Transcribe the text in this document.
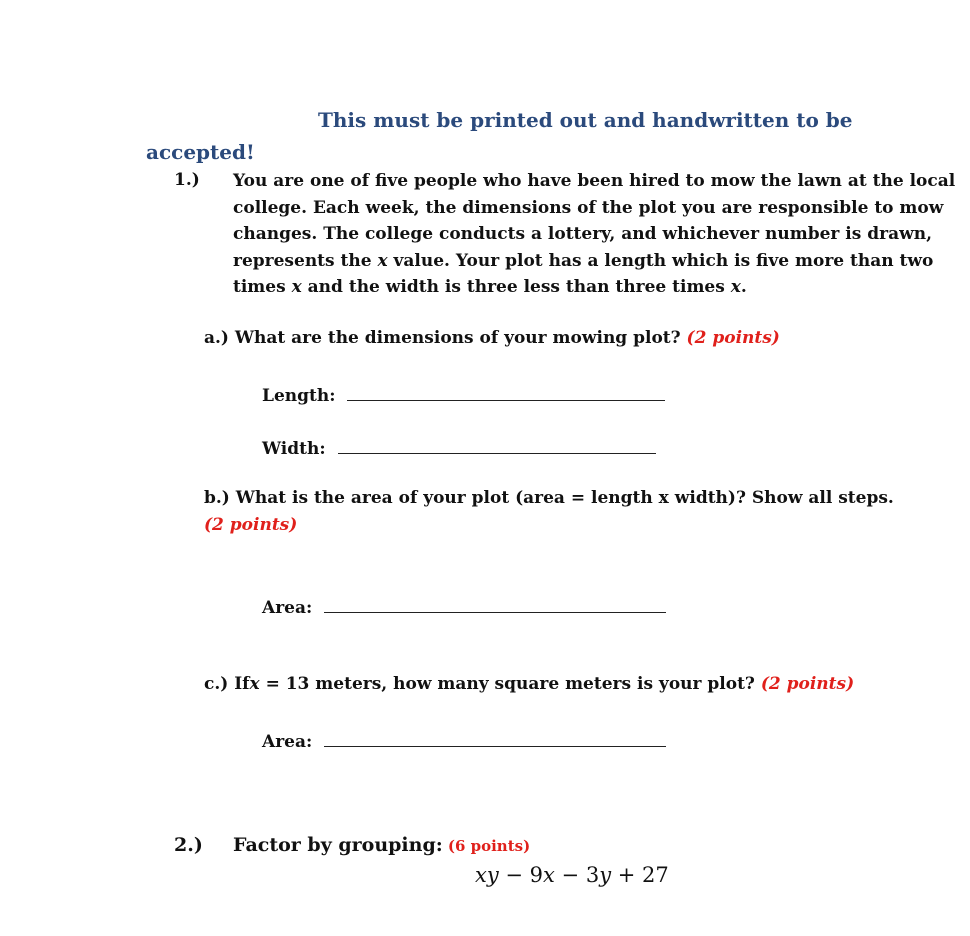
This must be printed out and handwritten to be
accepted!
1.) You are one of five people who have been hired to mow the lawn at the local
college. Each week, the dimensions of the plot you are responsible to mow
changes. The college conducts a lottery, and whichever number is drawn,
represents the x value. Your plot has a length which is five more than two
times x and the width is three less than three times x.
a.) What are the dimensions of your mowing plot? (2 points)
Length:
Width:
b.) What is the area of your plot (area = length x width)? Show all steps.
(2 points)
Area:
c.) Ifx = 13 meters, how many square meters is your plot? (2 points)
Area:
2.) Factor by grouping: (6 points)
xy − 9x − 3y + 27
